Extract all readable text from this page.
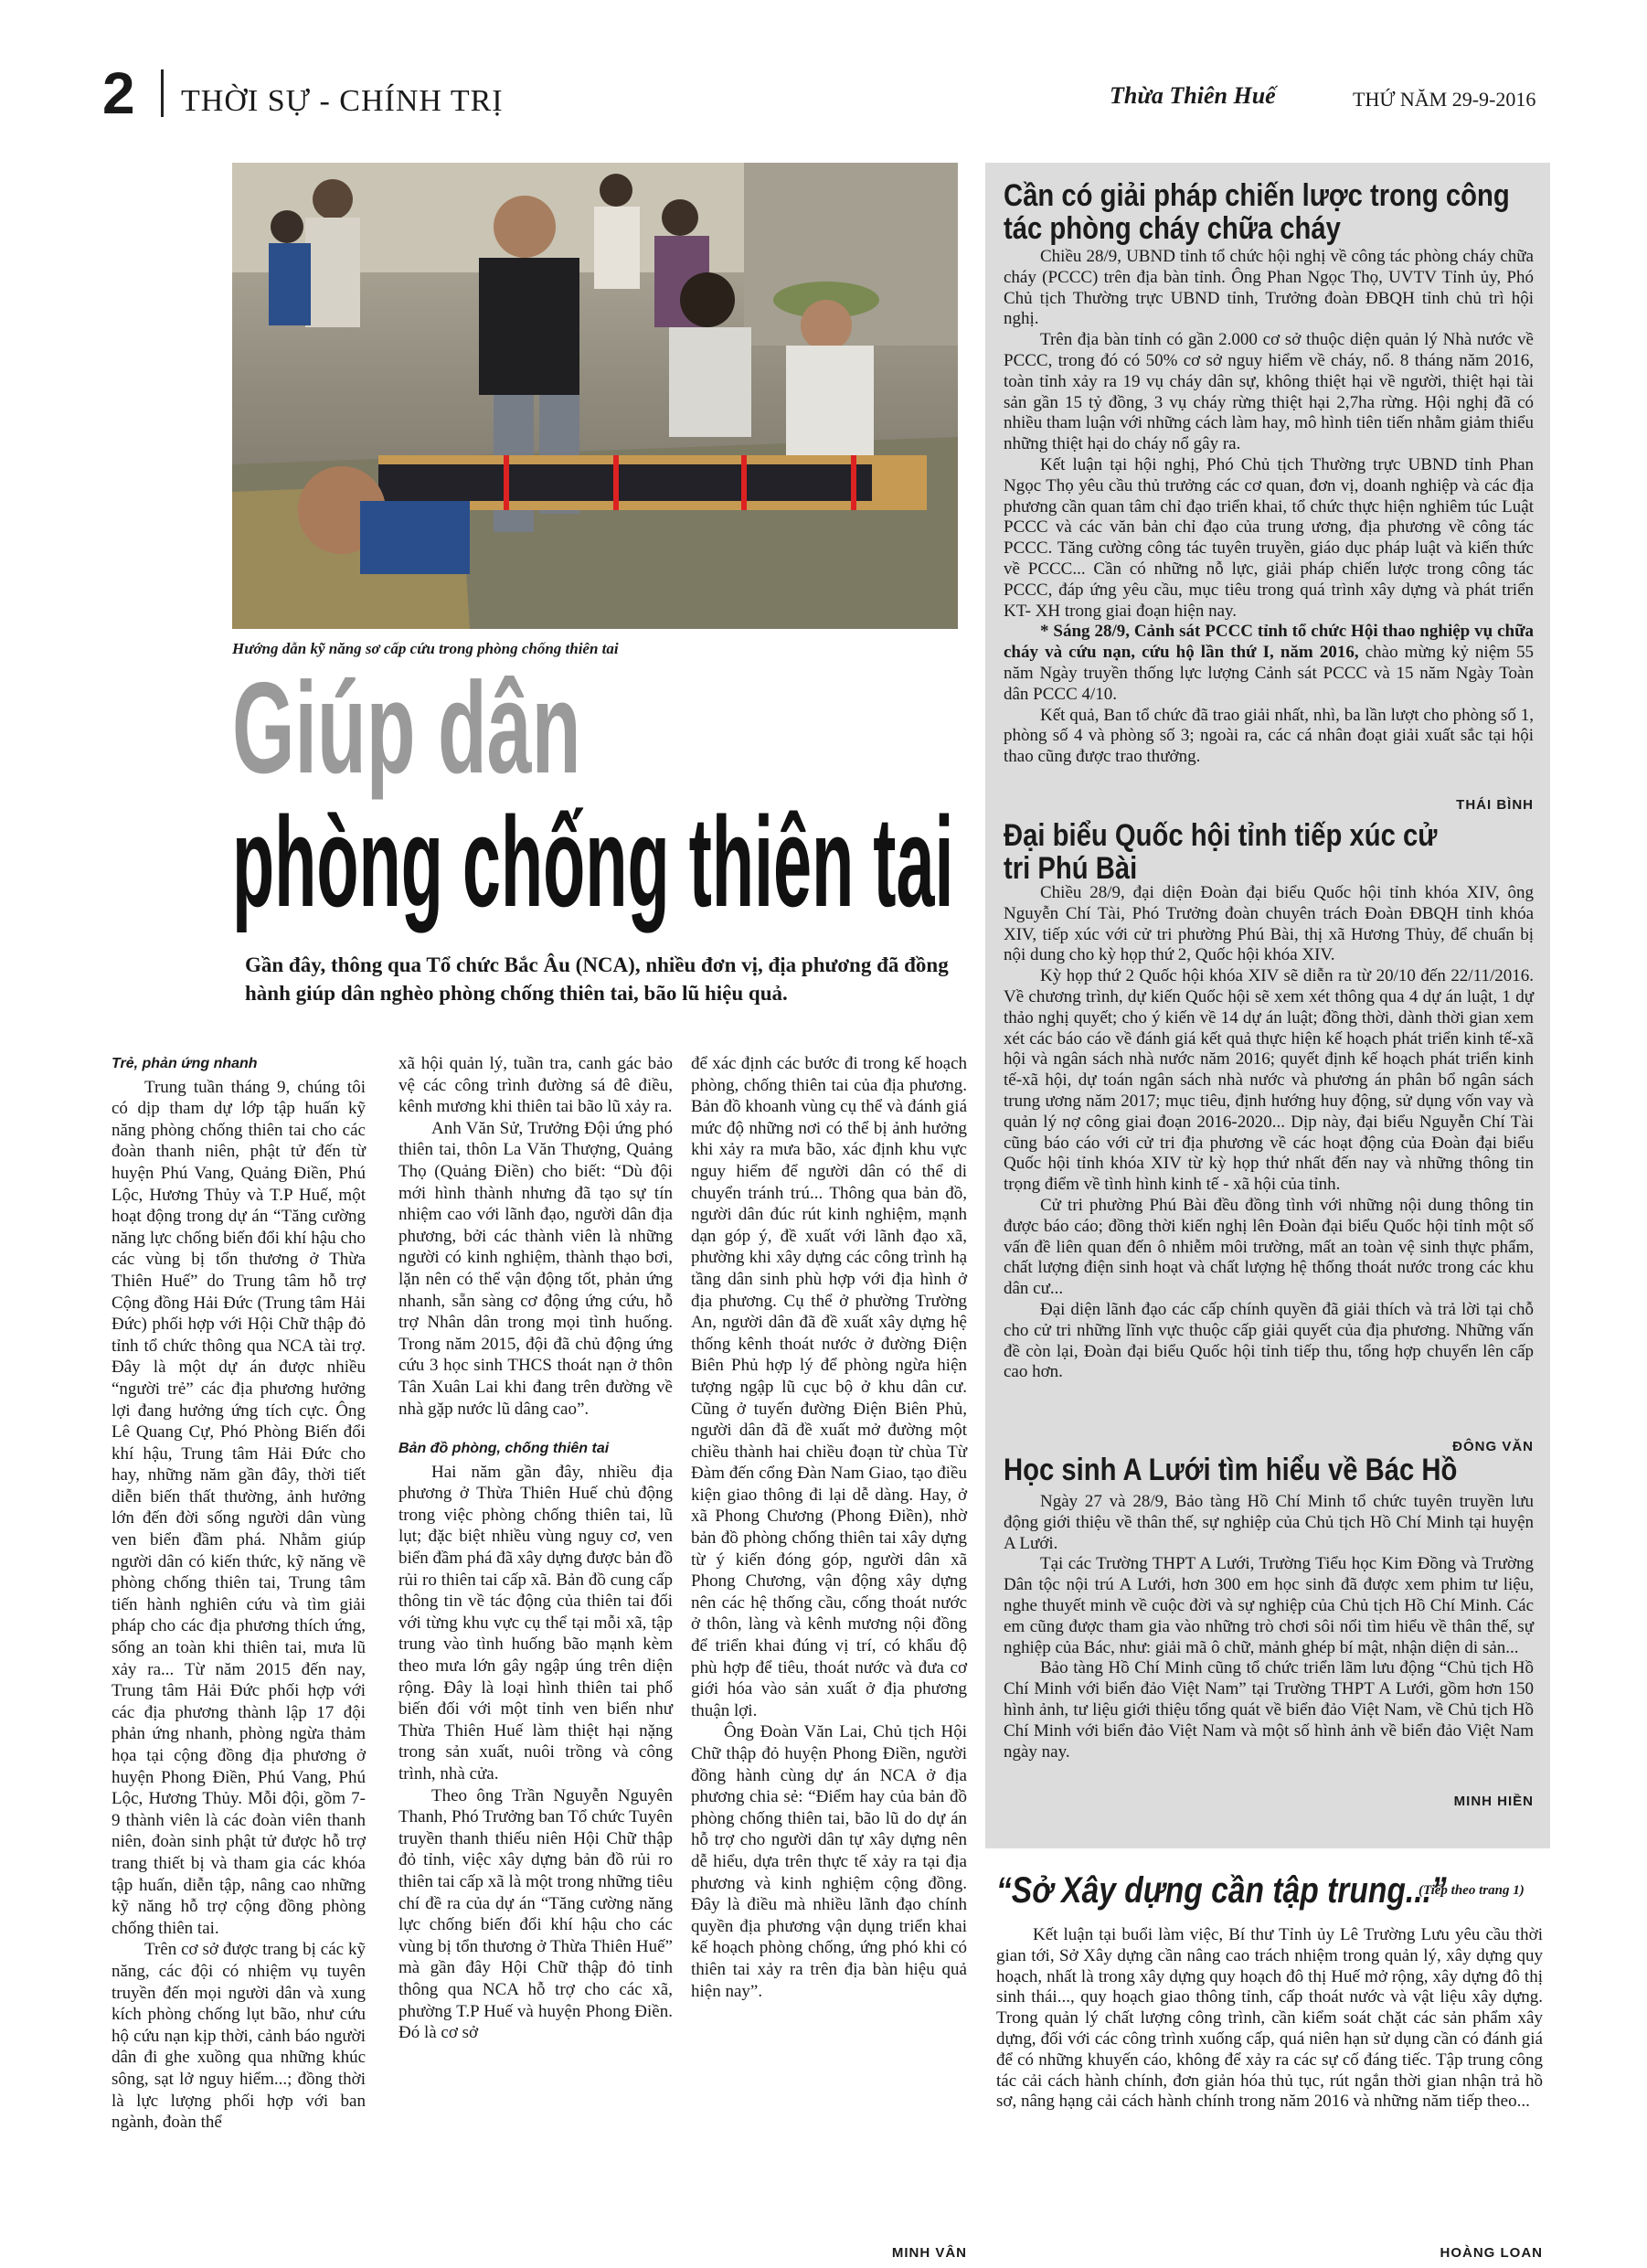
2 THỜI SỰ - CHÍNH TRỊ	Thừa Thiên Huế	THỨ NĂM 29-9-2016
Hướng dẫn kỹ năng sơ cấp cứu trong phòng chống thiên tai
Giúp dân
phòng chống thiên tai
Gần đây, thông qua Tổ chức Bắc Âu (NCA), nhiều đơn vị, địa phương đã đồng hành giúp dân nghèo phòng chống thiên tai, bão lũ hiệu quả.

Trẻ, phản ứng nhanh

Trung tuần tháng 9, chúng tôi có dịp tham dự lớp tập huấn kỹ năng phòng chống thiên tai cho các đoàn thanh niên, phật tử đến từ huyện Phú Vang, Quảng Điền, Phú Lộc, Hương Thủy và T.P Huế, một hoạt động trong dự án “Tăng cường năng lực chống biến đổi khí hậu cho các vùng bị tổn thương ở Thừa Thiên Huế” do Trung tâm hỗ trợ Cộng đồng Hải Đức (Trung tâm Hải Đức) phối hợp với Hội Chữ thập đỏ tỉnh tổ chức thông qua NCA tài trợ. Đây là một dự án được nhiều “người trẻ” các địa phương hưởng lợi đang hưởng ứng tích cực. Ông Lê Quang Cự, Phó Phòng Biến đổi khí hậu, Trung tâm Hải Đức cho hay, những năm gần đây, thời tiết diễn biến thất thường, ảnh hưởng lớn đến đời sống người dân vùng ven biển đầm phá. Nhằm giúp người dân có kiến thức, kỹ năng về phòng chống thiên tai, Trung tâm tiến hành nghiên cứu và tìm giải pháp cho các địa phương thích ứng, sống an toàn khi thiên tai, mưa lũ xảy ra... Từ năm 2015 đến nay, Trung tâm Hải Đức phối hợp với các địa phương thành lập 17 đội phản ứng nhanh, phòng ngừa thảm họa tại cộng đồng địa phương ở huyện Phong Điền, Phú Vang, Phú Lộc, Hương Thủy. Mỗi đội, gồm 7- 9 thành viên là các đoàn viên thanh niên, đoàn sinh phật tử được hỗ trợ trang thiết bị và tham gia các khóa tập huấn, diễn tập, nâng cao những kỹ năng hỗ trợ cộng đồng phòng chống thiên tai.

Trên cơ sở được trang bị các kỹ năng, các đội có nhiệm vụ tuyên truyền đến mọi người dân và xung kích phòng chống lụt bão, như cứu hộ cứu nạn kịp thời, cảnh báo người dân đi ghe xuồng qua những khúc sông, sạt lở nguy hiểm...; đồng thời là lực lượng phối hợp với ban ngành, đoàn thể

xã hội quản lý, tuần tra, canh gác bảo vệ các công trình đường sá đê điều, kênh mương khi thiên tai bão lũ xảy ra.

Anh Văn Sử, Trưởng Đội ứng phó thiên tai, thôn La Văn Thượng, Quảng Thọ (Quảng Điền) cho biết: “Dù đội mới hình thành nhưng đã tạo sự tín nhiệm cao với lãnh đạo, người dân địa phương, bởi các thành viên là những người có kinh nghiệm, thành thạo bơi, lặn nên có thể vận động tốt, phản ứng nhanh, sẵn sàng cơ động ứng cứu, hỗ trợ Nhân dân trong mọi tình huống. Trong năm 2015, đội đã chủ động ứng cứu 3 học sinh THCS thoát nạn ở thôn Tân Xuân Lai khi đang trên đường về nhà gặp nước lũ dâng cao”.

Bản đồ phòng, chống thiên tai

Hai năm gần đây, nhiều địa phương ở Thừa Thiên Huế chủ động trong việc phòng chống thiên tai, lũ lụt; đặc biệt nhiều vùng nguy cơ, ven biển đầm phá đã xây dựng được bản đồ rủi ro thiên tai cấp xã. Bản đồ cung cấp thông tin về tác động của thiên tai đối với từng khu vực cụ thể tại mỗi xã, tập trung vào tình huống bão mạnh kèm theo mưa lớn gây ngập úng trên diện rộng. Đây là loại hình thiên tai phổ biến đối với một tỉnh ven biển như Thừa Thiên Huế làm thiệt hại nặng trong sản xuất, nuôi trồng và công trình, nhà cửa.

Theo ông Trần Nguyễn Nguyên Thanh, Phó Trưởng ban Tổ chức Tuyên truyền thanh thiếu niên Hội Chữ thập đỏ tỉnh, việc xây dựng bản đồ rủi ro thiên tai cấp xã là một trong những tiêu chí đề ra của dự án “Tăng cường năng lực chống biến đổi khí hậu cho các vùng bị tổn thương ở Thừa Thiên Huế” mà gần đây Hội Chữ thập đỏ tỉnh thông qua NCA hỗ trợ cho các xã, phường T.P Huế và huyện Phong Điền. Đó là cơ sở

để xác định các bước đi trong kế hoạch phòng, chống thiên tai của địa phương. Bản đồ khoanh vùng cụ thể và đánh giá mức độ những nơi có thể bị ảnh hưởng khi xảy ra mưa bão, xác định khu vực nguy hiểm để người dân có thể di chuyển tránh trú... Thông qua bản đồ, người dân đúc rút kinh nghiệm, mạnh dạn góp ý, đề xuất với lãnh đạo xã, phường khi xây dựng các công trình hạ tầng dân sinh phù hợp với địa hình ở địa phương. Cụ thể ở phường Trường An, người dân đã đề xuất xây dựng hệ thống kênh thoát nước ở đường Điện Biên Phủ hợp lý để phòng ngừa hiện tượng ngập lũ cục bộ ở khu dân cư. Cũng ở tuyến đường Điện Biên Phủ, người dân đã đề xuất mở đường một chiều thành hai chiều đoạn từ chùa Từ Đàm đến cổng Đàn Nam Giao, tạo điều kiện giao thông đi lại dễ dàng. Hay, ở xã Phong Chương (Phong Điền), nhờ bản đồ phòng chống thiên tai xây dựng từ ý kiến đóng góp, người dân xã Phong Chương, vận động xây dựng nên các hệ thống cầu, cống thoát nước ở thôn, làng và kênh mương nội đồng để triển khai đúng vị trí, có khẩu độ phù hợp để tiêu, thoát nước và đưa cơ giới hóa vào sản xuất ở địa phương thuận lợi.

Ông Đoàn Văn Lai, Chủ tịch Hội Chữ thập đỏ huyện Phong Điền, người đồng hành cùng dự án NCA ở địa phương chia sẻ: “Điểm hay của bản đồ phòng chống thiên tai, bão lũ do dự án hỗ trợ cho người dân tự xây dựng nên dễ hiểu, dựa trên thực tế xảy ra tại địa phương và kinh nghiệm cộng đồng. Đây là điều mà nhiều lãnh đạo chính quyền địa phương vận dụng triển khai kế hoạch phòng chống, ứng phó khi có thiên tai xảy ra trên địa bàn hiệu quả hiện nay”.

MINH VÂN
Cần có giải pháp chiến lược trong công tác phòng cháy chữa cháy

Chiều 28/9, UBND tỉnh tổ chức hội nghị về công tác phòng cháy chữa cháy (PCCC) trên địa bàn tỉnh. Ông Phan Ngọc Thọ, UVTV Tỉnh ủy, Phó Chủ tịch Thường trực UBND tỉnh, Trưởng đoàn ĐBQH tỉnh chủ trì hội nghị.

Trên địa bàn tỉnh có gần 2.000 cơ sở thuộc diện quản lý Nhà nước về PCCC, trong đó có 50% cơ sở nguy hiểm về cháy, nổ. 8 tháng năm 2016, toàn tỉnh xảy ra 19 vụ cháy dân sự, không thiệt hại về người, thiệt hại tài sản gần 15 tỷ đồng, 3 vụ cháy rừng thiệt hại 2,7ha rừng. Hội nghị đã có nhiều tham luận với những cách làm hay, mô hình tiên tiến nhằm giảm thiểu những thiệt hại do cháy nổ gây ra.

Kết luận tại hội nghị, Phó Chủ tịch Thường trực UBND tỉnh Phan Ngọc Thọ yêu cầu thủ trưởng các cơ quan, đơn vị, doanh nghiệp và các địa phương cần quan tâm chỉ đạo triển khai, tổ chức thực hiện nghiêm túc Luật PCCC và các văn bản chỉ đạo của trung ương, địa phương về công tác PCCC. Tăng cường công tác tuyên truyền, giáo dục pháp luật và kiến thức về PCCC... Cần có những nỗ lực, giải pháp chiến lược trong công tác PCCC, đáp ứng yêu cầu, mục tiêu trong quá trình xây dựng và phát triển KT- XH trong giai đoạn hiện nay.

* Sáng 28/9, Cảnh sát PCCC tỉnh tổ chức Hội thao nghiệp vụ chữa cháy và cứu nạn, cứu hộ lần thứ I, năm 2016, chào mừng kỷ niệm 55 năm Ngày truyền thống lực lượng Cảnh sát PCCC và 15 năm Ngày Toàn dân PCCC 4/10.

Kết quả, Ban tổ chức đã trao giải nhất, nhì, ba lần lượt cho phòng số 1, phòng số 4 và phòng số 3; ngoài ra, các cá nhân đoạt giải xuất sắc tại hội thao cũng được trao thưởng.

THÁI BÌNH
Đại biểu Quốc hội tỉnh tiếp xúc cử tri Phú Bài

Chiều 28/9, đại diện Đoàn đại biểu Quốc hội tỉnh khóa XIV, ông Nguyễn Chí Tài, Phó Trưởng đoàn chuyên trách Đoàn ĐBQH tỉnh khóa XIV, tiếp xúc với cử tri phường Phú Bài, thị xã Hương Thủy, để chuẩn bị nội dung cho kỳ họp thứ 2, Quốc hội khóa XIV.

Kỳ họp thứ 2 Quốc hội khóa XIV sẽ diễn ra từ 20/10 đến 22/11/2016. Về chương trình, dự kiến Quốc hội sẽ xem xét thông qua 4 dự án luật, 1 dự thảo nghị quyết; cho ý kiến về 14 dự án luật; đồng thời, dành thời gian xem xét các báo cáo về đánh giá kết quả thực hiện kế hoạch phát triển kinh tế-xã hội và ngân sách nhà nước năm 2016; quyết định kế hoạch phát triển kinh tế-xã hội, dự toán ngân sách nhà nước và phương án phân bổ ngân sách trung ương năm 2017; mục tiêu, định hướng huy động, sử dụng vốn vay và quản lý nợ công giai đoạn 2016-2020... Dịp này, đại biểu Nguyễn Chí Tài cũng báo cáo với cử tri địa phương về các hoạt động của Đoàn đại biểu Quốc hội tỉnh khóa XIV từ kỳ họp thứ nhất đến nay và những thông tin trọng điểm về tình hình kinh tế - xã hội của tỉnh.

Cử tri phường Phú Bài đều đồng tình với những nội dung thông tin được báo cáo; đồng thời kiến nghị lên Đoàn đại biểu Quốc hội tỉnh một số vấn đề liên quan đến ô nhiễm môi trường, mất an toàn vệ sinh thực phẩm, chất lượng điện sinh hoạt và chất lượng hệ thống thoát nước trong các khu dân cư...

Đại diện lãnh đạo các cấp chính quyền đã giải thích và trả lời tại chỗ cho cử tri những lĩnh vực thuộc cấp giải quyết của địa phương. Những vấn đề còn lại, Đoàn đại biểu Quốc hội tỉnh tiếp thu, tổng hợp chuyển lên cấp cao hơn.

ĐÔNG VĂN
Học sinh A Lưới tìm hiểu về Bác Hồ

Ngày 27 và 28/9, Bảo tàng Hồ Chí Minh tổ chức tuyên truyền lưu động giới thiệu về thân thế, sự nghiệp của Chủ tịch Hồ Chí Minh tại huyện A Lưới.

Tại các Trường THPT A Lưới, Trường Tiểu học Kim Đồng và Trường Dân tộc nội trú A Lưới, hơn 300 em học sinh đã được xem phim tư liệu, nghe thuyết minh về cuộc đời và sự nghiệp của Chủ tịch Hồ Chí Minh. Các em cũng được tham gia vào những trò chơi sôi nổi tìm hiểu về thân thế, sự nghiệp của Bác, như: giải mã ô chữ, mảnh ghép bí mật, nhận diện di sản...

Bảo tàng Hồ Chí Minh cũng tổ chức triển lãm lưu động “Chủ tịch Hồ Chí Minh với biển đảo Việt Nam” tại Trường THPT A Lưới, gồm hơn 150 hình ảnh, tư liệu giới thiệu tổng quát về biển đảo Việt Nam, về Chủ tịch Hồ Chí Minh với biển đảo Việt Nam và một số hình ảnh về biển đảo Việt Nam ngày nay.

MINH HIỀN
“Sở Xây dựng cần tập trung...”
(Tiếp theo trang 1)

Kết luận tại buổi làm việc, Bí thư Tỉnh ủy Lê Trường Lưu yêu cầu thời gian tới, Sở Xây dựng cần nâng cao trách nhiệm trong quản lý, xây dựng quy hoạch, nhất là trong xây dựng quy hoạch đô thị Huế mở rộng, xây dựng đô thị sinh thái..., quy hoạch giao thông tỉnh, cấp thoát nước và vật liệu xây dựng. Trong quản lý chất lượng công trình, cần kiểm soát chặt các sản phẩm xây dựng, đối với các công trình xuống cấp, quá niên hạn sử dụng cần có đánh giá để có những khuyến cáo, không để xảy ra các sự cố đáng tiếc. Tập trung công tác cải cách hành chính, đơn giản hóa thủ tục, rút ngắn thời gian nhận trả hồ sơ, nâng hạng cải cách hành chính trong năm 2016 và những năm tiếp theo...

HOÀNG LOAN
